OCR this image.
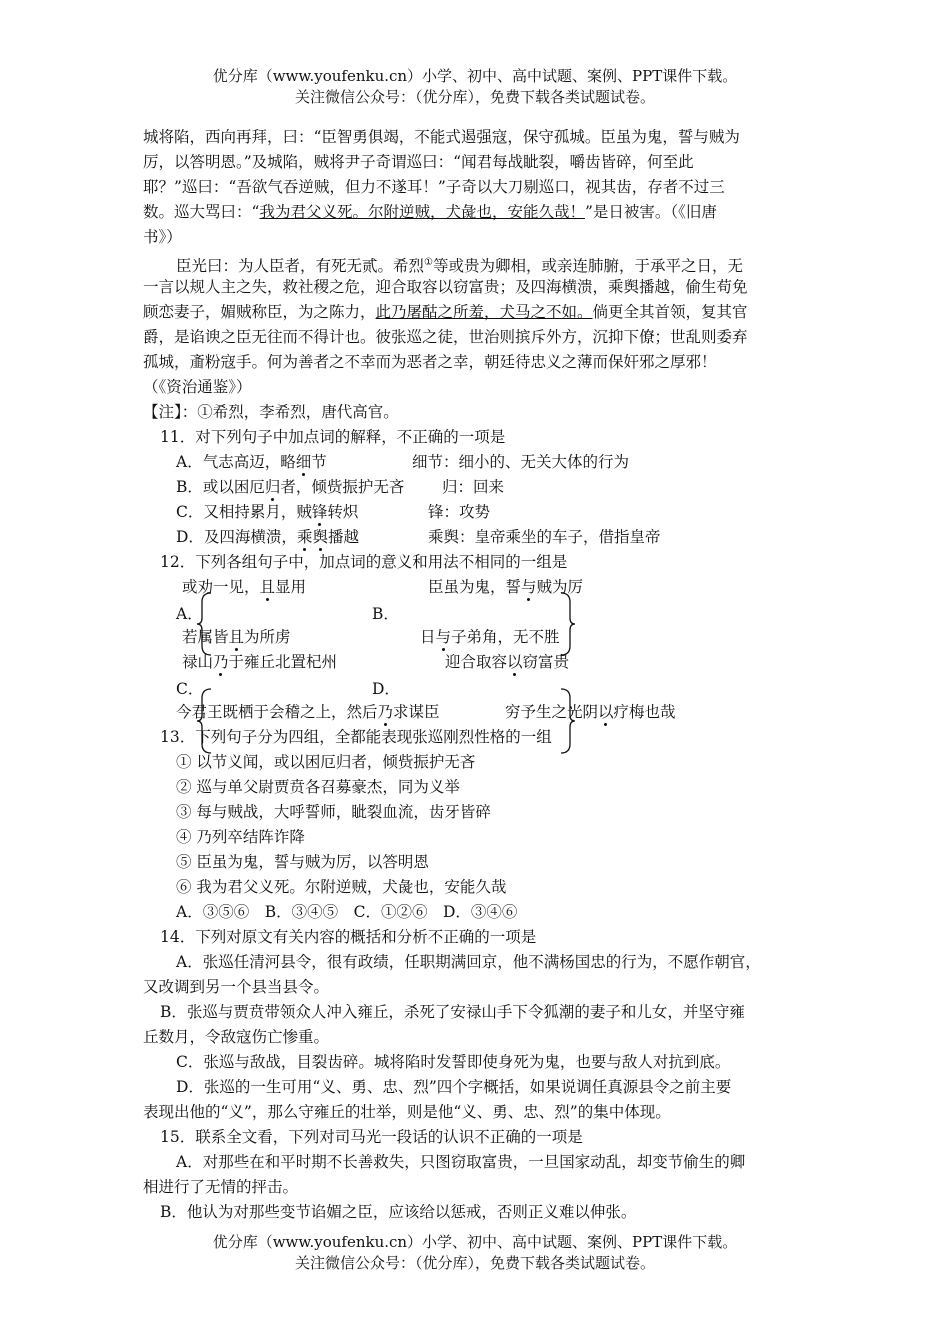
优分库（www.youfenku.cn）小学、初中、高中试题、案例、PPT课件下载。
关注微信公众号：（优分库），免费下载各类试题试卷。
城将陷，西向再拜，曰：“臣智勇俱竭，不能式遏强寇，保守孤城。臣虽为鬼，誓与贼为
厉，以答明恩。”及城陷，贼将尹子奇谓巡曰：“闻君每战眦裂，嚼齿皆碎，何至此
耶？”巡曰：“吾欲气吞逆贼，但力不遂耳！”子奇以大刀剔巡口，视其齿，存者不过三
数。巡大骂曰：“我为君父义死。尔附逆贼，犬彘也，安能久哉！”是日被害。（《旧唐
书》）
臣光曰：为人臣者，有死无贰。希烈①等或贵为卿相，或亲连肺腑，于承平之日，无
一言以规人主之失，救社稷之危，迎合取容以窃富贵；及四海横溃，乘舆播越，偷生苟免
顾恋妻子，媚贼称臣，为之陈力，此乃屠酤之所羞，犬马之不如。倘更全其首领，复其官
爵，是谄谀之臣无往而不得计也。彼张巡之徒，世治则摈斥外方，沉抑下僚；世乱则委弃
孤城，齑粉寇手。何为善者之不幸而为恶者之幸，朝廷待忠义之薄而保奸邪之厚邪！
（《资治通鉴》）
【注】：①希烈，李希烈，唐代高官。
11．对下列句子中加点词的解释，不正确的一项是
A．气志高迈，略细节	细节：细小的、无关大体的行为
B．或以困厄归者，倾赀振护无吝 归：回来
C．又相持累月，贼锋转炽	锋：攻势
D．及四海横溃，乘舆播越	乘舆：皇帝乘坐的车子，借指皇帝
12．下列各组句子中，加点词的意义和用法不相同的一组是
或劝一见，且显用	臣虽为鬼，誓与贼为厉
A．	B．
若属皆且为所虏	日与子弟角，无不胜
禄山乃于雍丘北置杞州	迎合取容以窃富贵
C．	D．
今君王既栖于会稽之上，然后乃求谋臣	穷予生之光阴以疗梅也哉
13．下列句子分为四组，全都能表现张巡刚烈性格的一组
① 以节义闻，或以困厄归者，倾赀振护无吝
② 巡与单父尉贾贲各召募豪杰，同为义举
③ 每与贼战，大呼誓师，眦裂血流，齿牙皆碎
④ 乃列卒结阵诈降
⑤ 臣虽为鬼，誓与贼为厉，以答明恩
⑥ 我为君父义死。尔附逆贼，犬彘也，安能久哉
A．③⑤⑥　B．③④⑤　C．①②⑥　D．③④⑥
14．下列对原文有关内容的概括和分析不正确的一项是
A．张巡任清河县令，很有政绩，任职期满回京，他不满杨国忠的行为，不愿作朝官，
又改调到另一个县当县令。
B．张巡与贾贲带领众人冲入雍丘，杀死了安禄山手下令狐潮的妻子和儿女，并坚守雍
丘数月，令敌寇伤亡惨重。
C．张巡与敌战，目裂齿碎。城将陷时发誓即使身死为鬼，也要与敌人对抗到底。
D．张巡的一生可用“义、勇、忠、烈”四个字概括，如果说调任真源县令之前主要
表现出他的“义”，那么守雍丘的壮举，则是他“义、勇、忠、烈”的集中体现。
15．联系全文看，下列对司马光一段话的认识不正确的一项是
A．对那些在和平时期不长善救失，只图窃取富贵，一旦国家动乱，却变节偷生的卿
相进行了无情的抨击。
B．他认为对那些变节谄媚之臣，应该给以惩戒，否则正义难以伸张。
优分库（www.youfenku.cn）小学、初中、高中试题、案例、PPT课件下载。
关注微信公众号：（优分库），免费下载各类试题试卷。
